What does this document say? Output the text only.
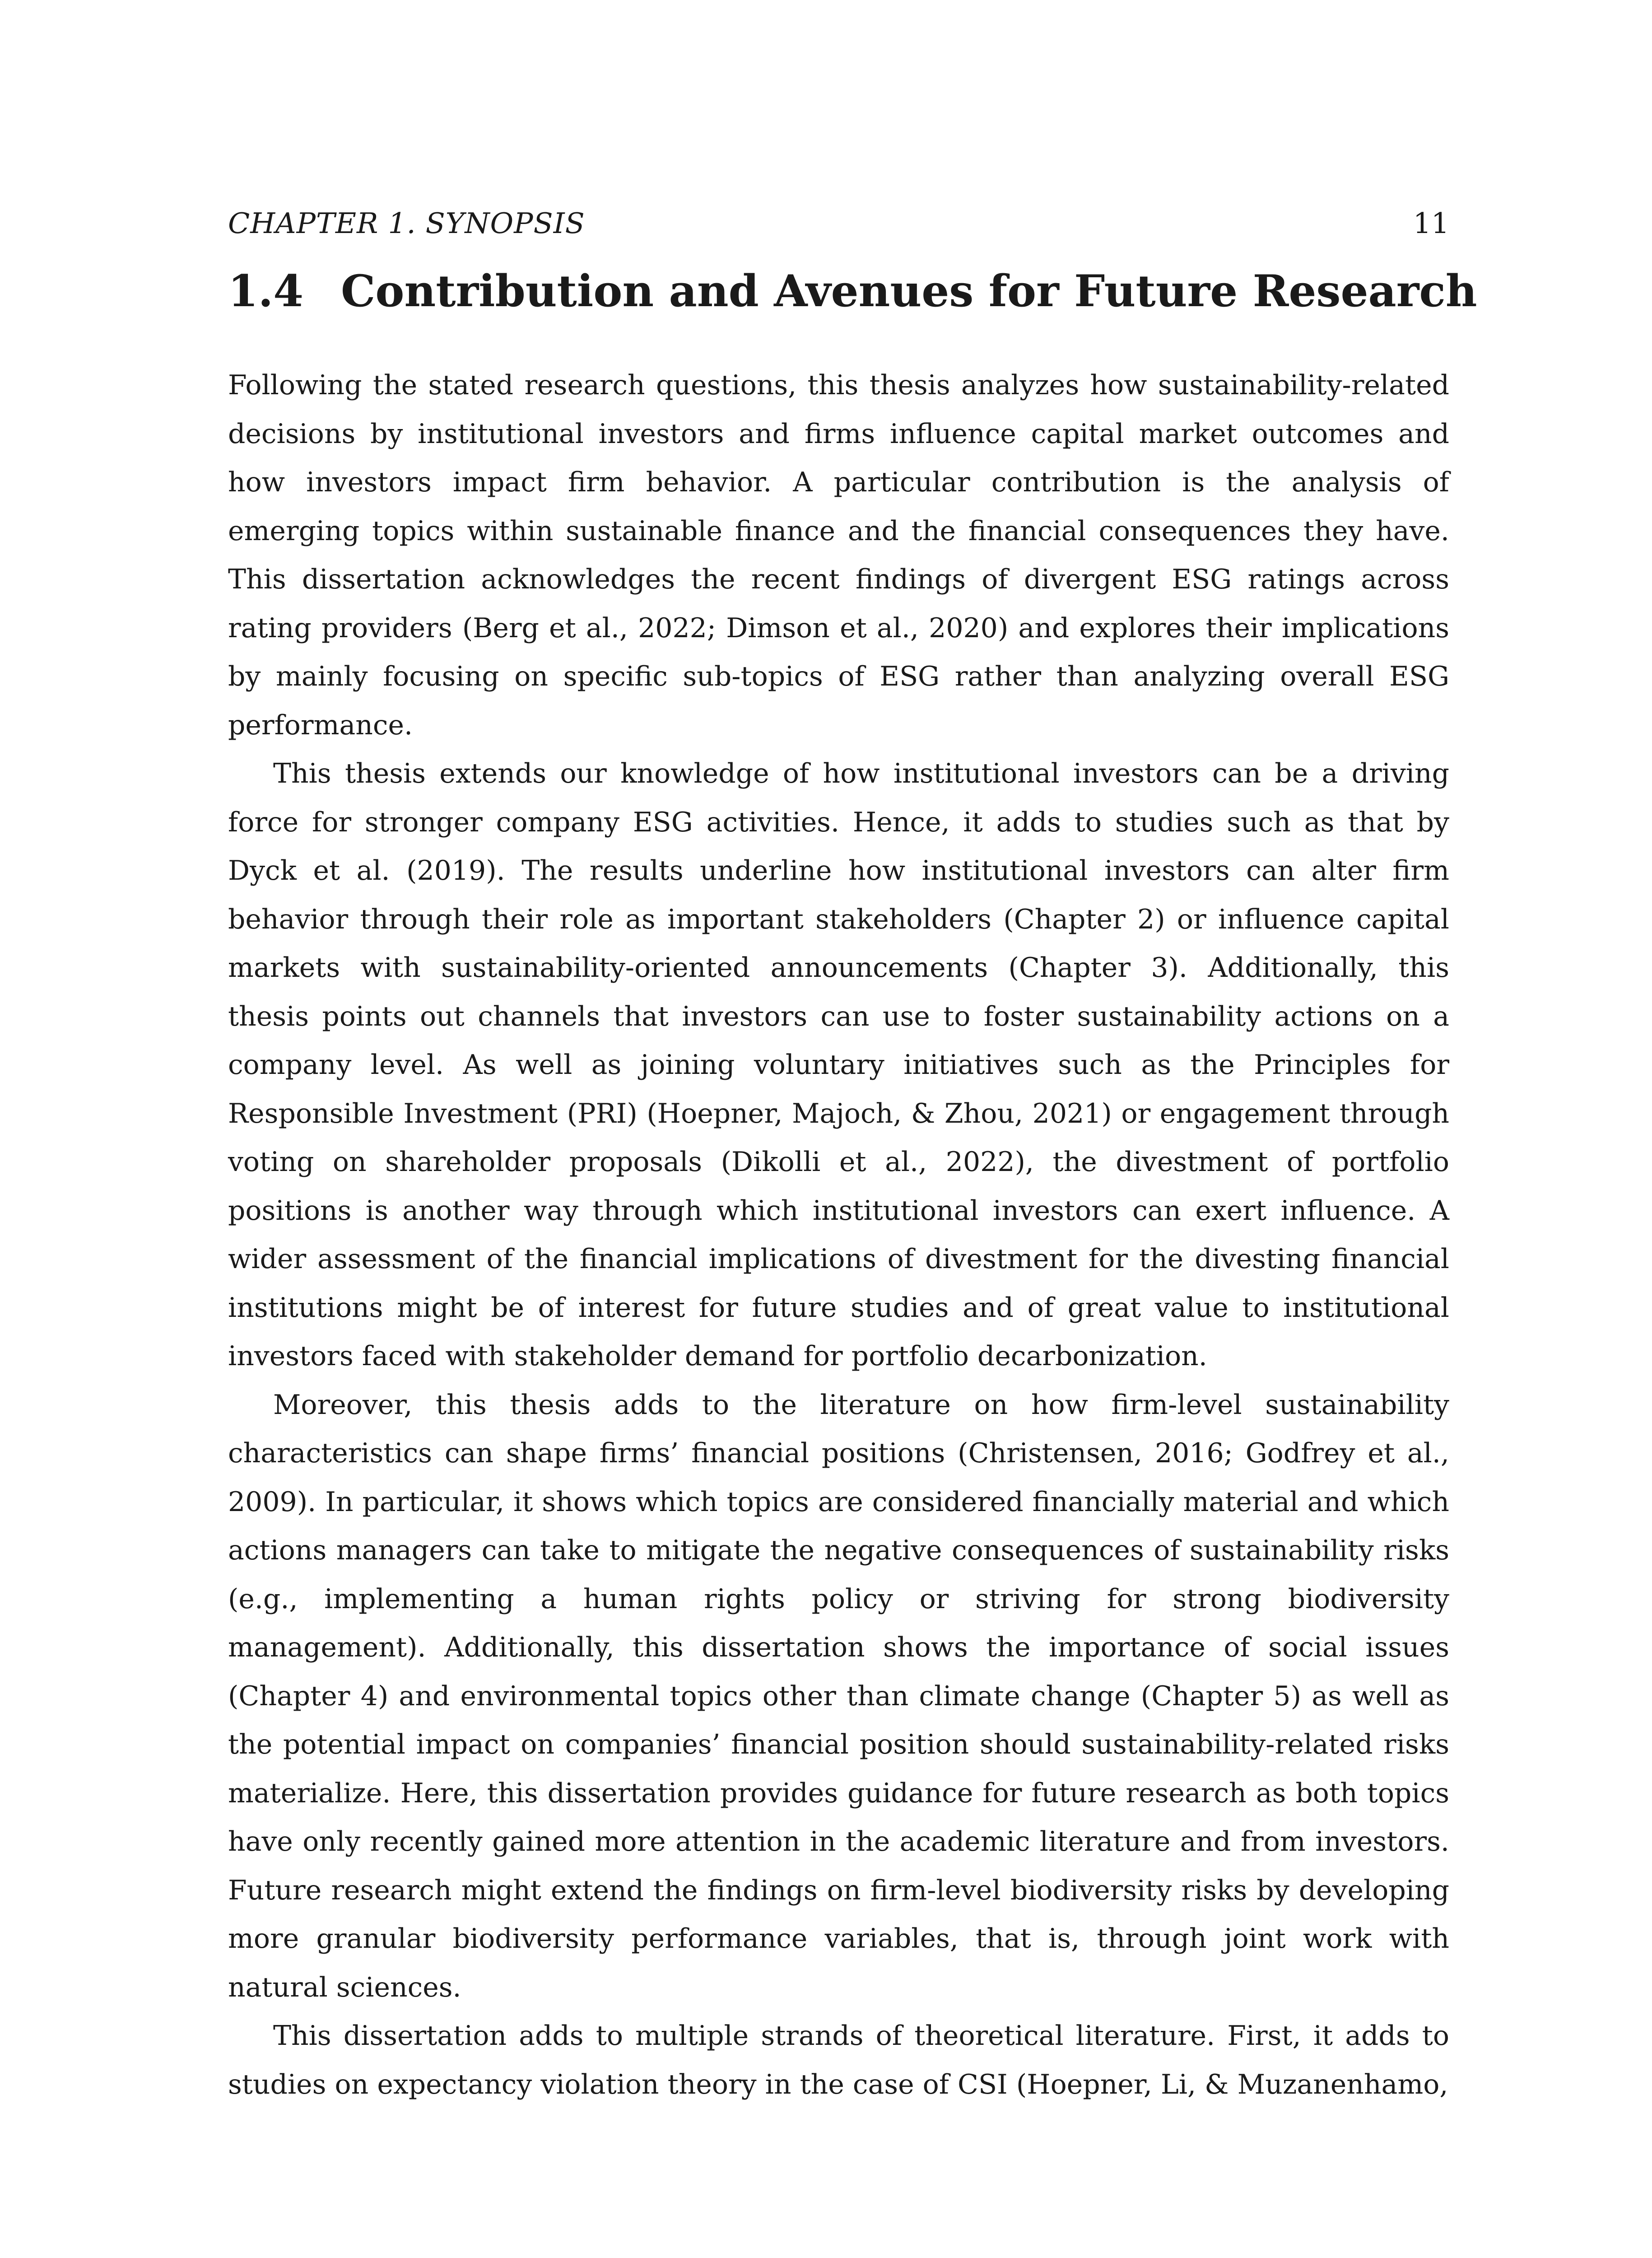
CHAPTER 1. SYNOPSIS	11
1.4 Contribution and Avenues for Future Research

Following the stated research questions, this thesis analyzes how sustainability-related decisions by institutional investors and firms influence capital market outcomes and how investors impact firm behavior. A particular contribution is the analysis of emerging topics within sustainable finance and the financial consequences they have. This dissertation acknowledges the recent findings of divergent ESG ratings across rating providers (Berg et al., 2022; Dimson et al., 2020) and explores their implications by mainly focusing on specific sub-topics of ESG rather than analyzing overall ESG performance.

This thesis extends our knowledge of how institutional investors can be a driving force for stronger company ESG activities. Hence, it adds to studies such as that by Dyck et al. (2019). The results underline how institutional investors can alter firm behavior through their role as important stakeholders (Chapter 2) or influence capital markets with sustainability-oriented announcements (Chapter 3). Additionally, this thesis points out channels that investors can use to foster sustainability actions on a company level. As well as joining voluntary initiatives such as the Principles for Responsible Investment (PRI) (Hoepner, Majoch, & Zhou, 2021) or engagement through voting on shareholder proposals (Dikolli et al., 2022), the divestment of portfolio positions is another way through which institutional investors can exert influence. A wider assessment of the financial implications of divestment for the divesting financial institutions might be of interest for future studies and of great value to institutional investors faced with stakeholder demand for portfolio decarbonization.

Moreover, this thesis adds to the literature on how firm-level sustainability characteristics can shape firms’ financial positions (Christensen, 2016; Godfrey et al., 2009). In particular, it shows which topics are considered financially material and which actions managers can take to mitigate the negative consequences of sustainability risks (e.g., implementing a human rights policy or striving for strong biodiversity management). Additionally, this dissertation shows the importance of social issues (Chapter 4) and environmental topics other than climate change (Chapter 5) as well as the potential impact on companies’ financial position should sustainability-related risks materialize. Here, this dissertation provides guidance for future research as both topics have only recently gained more attention in the academic literature and from investors. Future research might extend the findings on firm-level biodiversity risks by developing more granular biodiversity performance variables, that is, through joint work with natural sciences.

This dissertation adds to multiple strands of theoretical literature. First, it adds to studies on expectancy violation theory in the case of CSI (Hoepner, Li, & Muzanenhamo,
